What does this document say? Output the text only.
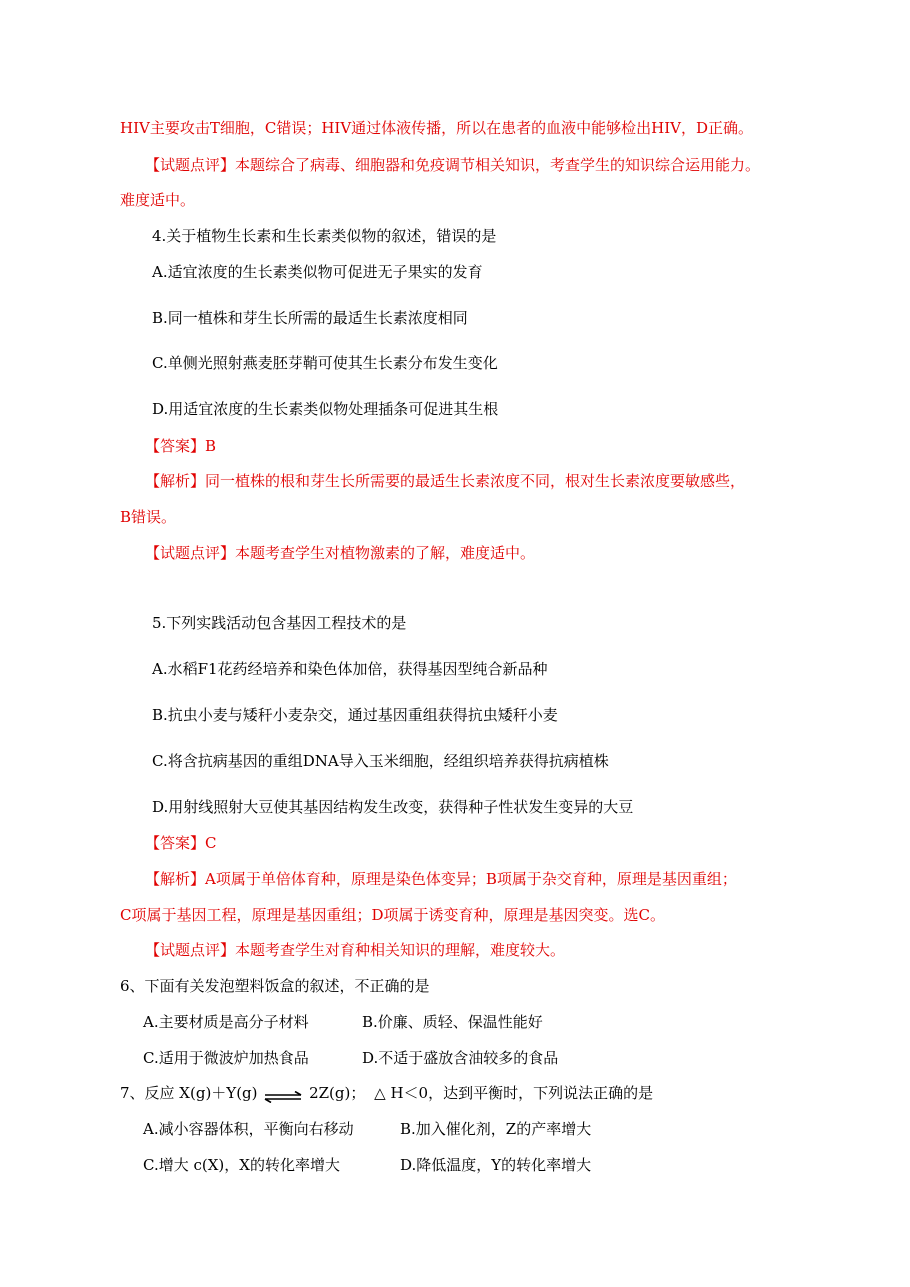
HIV主要攻击T细胞，C错误；HIV通过体液传播，所以在患者的血液中能够检出HIV，D正确。
【试题点评】本题综合了病毒、细胞器和免疫调节相关知识，考查学生的知识综合运用能力。
难度适中。
4.关于植物生长素和生长素类似物的叙述，错误的是
A.适宜浓度的生长素类似物可促进无子果实的发育
B.同一植株和芽生长所需的最适生长素浓度相同
C.单侧光照射燕麦胚芽鞘可使其生长素分布发生变化
D.用适宜浓度的生长素类似物处理插条可促进其生根
【答案】B
【解析】同一植株的根和芽生长所需要的最适生长素浓度不同，根对生长素浓度要敏感些，
B错误。
【试题点评】本题考查学生对植物激素的了解，难度适中。
5.下列实践活动包含基因工程技术的是
A.水稻F1花药经培养和染色体加倍，获得基因型纯合新品种
B.抗虫小麦与矮秆小麦杂交，通过基因重组获得抗虫矮秆小麦
C.将含抗病基因的重组DNA导入玉米细胞，经组织培养获得抗病植株
D.用射线照射大豆使其基因结构发生改变，获得种子性状发生变异的大豆
【答案】C
【解析】A项属于单倍体育种，原理是染色体变异；B项属于杂交育种，原理是基因重组；
C项属于基因工程，原理是基因重组；D项属于诱变育种，原理是基因突变。选C。
【试题点评】本题考查学生对育种相关知识的理解，难度较大。
6、下面有关发泡塑料饭盒的叙述，不正确的是
A.主要材质是高分子材料	B.价廉、质轻、保温性能好
C.适用于微波炉加热食品	D.不适于盛放含油较多的食品
7、反应 X(g)＋Y(g) ⇌ 2Z(g)； △ H＜0，达到平衡时，下列说法正确的是
A.减小容器体积，平衡向右移动	B.加入催化剂，Z的产率增大
C.增大 c(X)，X的转化率增大	D.降低温度，Y的转化率增大
